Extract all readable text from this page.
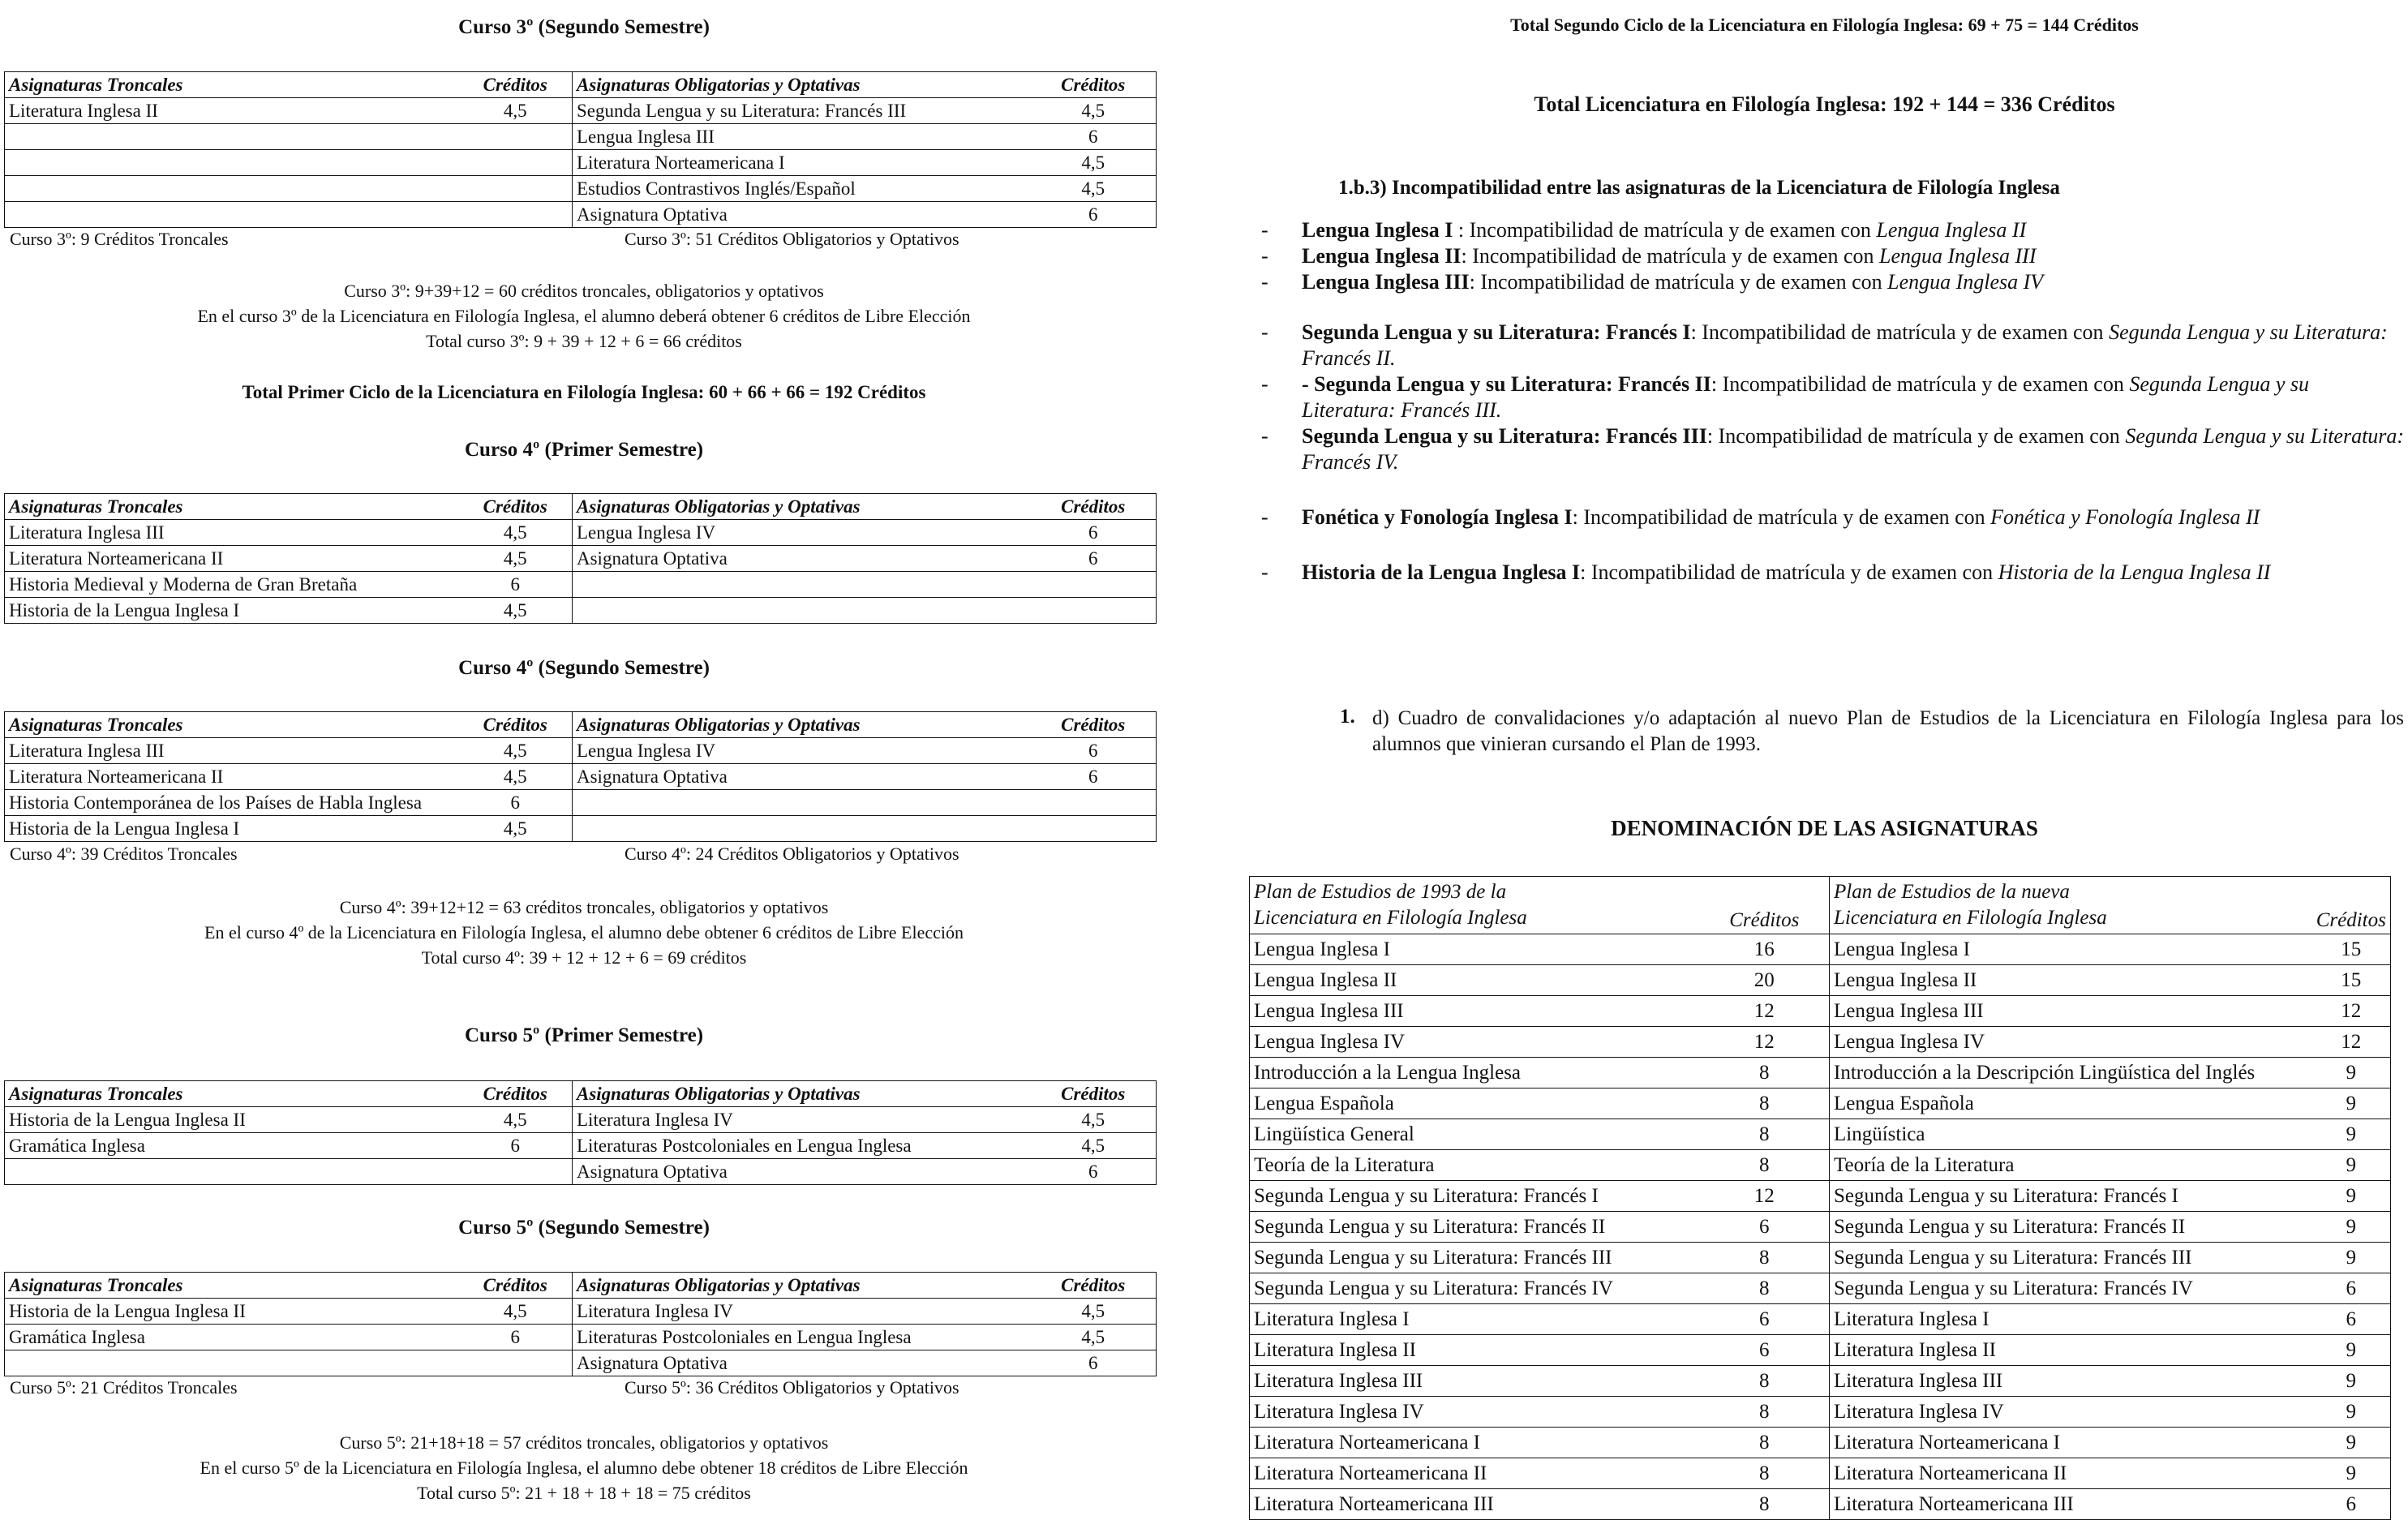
Curso 3º (Segundo Semestre)
Asignaturas Troncales	Créditos	Asignaturas Obligatorias y Optativas	Créditos
Literatura Inglesa II	4,5	Segunda Lengua y su Literatura: Francés III	4,5
		Lengua Inglesa III	6
		Literatura Norteamericana I	4,5
		Estudios Contrastivos Inglés/Español	4,5
		Asignatura Optativa	6
Curso 3º: 9 Créditos Troncales	Curso 3º: 51 Créditos Obligatorios y Optativos
Curso 3º: 9+39+12 = 60 créditos troncales, obligatorios y optativos
En el curso 3º de la Licenciatura en Filología Inglesa, el alumno deberá obtener 6 créditos de Libre Elección
Total curso 3º: 9 + 39 + 12 + 6 = 66 créditos
Total Primer Ciclo de la Licenciatura en Filología Inglesa: 60 + 66 + 66 = 192 Créditos
Curso 4º (Primer Semestre)
Asignaturas Troncales	Créditos	Asignaturas Obligatorias y Optativas	Créditos
Literatura Inglesa III	4,5	Lengua Inglesa IV	6
Literatura Norteamericana II	4,5	Asignatura Optativa	6
Historia Medieval y Moderna de Gran Bretaña	6		
Historia de la Lengua Inglesa I	4,5		
Curso 4º (Segundo Semestre)
Asignaturas Troncales	Créditos	Asignaturas Obligatorias y Optativas	Créditos
Literatura Inglesa III	4,5	Lengua Inglesa IV	6
Literatura Norteamericana II	4,5	Asignatura Optativa	6
Historia Contemporánea de los Países de Habla Inglesa	6		
Historia de la Lengua Inglesa I	4,5		
Curso 4º: 39 Créditos Troncales	Curso 4º: 24 Créditos Obligatorios y Optativos
Curso 4º: 39+12+12 = 63 créditos troncales, obligatorios y optativos
En el curso 4º de la Licenciatura en Filología Inglesa, el alumno debe obtener 6 créditos de Libre Elección
Total curso 4º: 39 + 12 + 12 + 6 = 69 créditos
Curso 5º (Primer Semestre)
Asignaturas Troncales	Créditos	Asignaturas Obligatorias y Optativas	Créditos
Historia de la Lengua Inglesa II	4,5	Literatura Inglesa IV	4,5
Gramática Inglesa	6	Literaturas Postcoloniales en Lengua Inglesa	4,5
		Asignatura Optativa	6
Curso 5º (Segundo Semestre)
Asignaturas Troncales	Créditos	Asignaturas Obligatorias y Optativas	Créditos
Historia de la Lengua Inglesa II	4,5	Literatura Inglesa IV	4,5
Gramática Inglesa	6	Literaturas Postcoloniales en Lengua Inglesa	4,5
		Asignatura Optativa	6
Curso 5º: 21 Créditos Troncales	Curso 5º: 36 Créditos Obligatorios y Optativos
Curso 5º: 21+18+18 = 57 créditos troncales, obligatorios y optativos
En el curso 5º de la Licenciatura en Filología Inglesa, el alumno debe obtener 18 créditos de Libre Elección
Total curso 5º: 21 + 18 + 18 + 18 = 75 créditos
Total Segundo Ciclo de la Licenciatura en Filología Inglesa: 69 + 75 = 144 Créditos
Total Licenciatura en Filología Inglesa: 192 + 144 = 336 Créditos
1.b.3) Incompatibilidad entre las asignaturas de la Licenciatura de Filología Inglesa
- Lengua Inglesa I : Incompatibilidad de matrícula y de examen con Lengua Inglesa II
- Lengua Inglesa II: Incompatibilidad de matrícula y de examen con Lengua Inglesa III
- Lengua Inglesa III: Incompatibilidad de matrícula y de examen con Lengua Inglesa IV
- Segunda Lengua y su Literatura: Francés I: Incompatibilidad de matrícula y de examen con Segunda Lengua y su Literatura: Francés II.
- - Segunda Lengua y su Literatura: Francés II: Incompatibilidad de matrícula y de examen con Segunda Lengua y su Literatura: Francés III.
- Segunda Lengua y su Literatura: Francés III: Incompatibilidad de matrícula y de examen con Segunda Lengua y su Literatura: Francés IV.
- Fonética y Fonología Inglesa I: Incompatibilidad de matrícula y de examen con Fonética y Fonología Inglesa II
- Historia de la Lengua Inglesa I: Incompatibilidad de matrícula y de examen con Historia de la Lengua Inglesa II
1. d) Cuadro de convalidaciones y/o adaptación al nuevo Plan de Estudios de la Licenciatura en Filología Inglesa para los alumnos que vinieran cursando el Plan de 1993.
DENOMINACIÓN DE LAS ASIGNATURAS
Plan de Estudios de 1993 de la
Licenciatura en Filología Inglesa	Créditos	Plan de Estudios de la nueva
Licenciatura en Filología Inglesa	Créditos
Lengua Inglesa I	16	Lengua Inglesa I	15
Lengua Inglesa II	20	Lengua Inglesa II	15
Lengua Inglesa III	12	Lengua Inglesa III	12
Lengua Inglesa IV	12	Lengua Inglesa IV	12
Introducción a la Lengua Inglesa	8	Introducción a la Descripción Lingüística del Inglés	9
Lengua Española	8	Lengua Española	9
Lingüística General	8	Lingüística	9
Teoría de la Literatura	8	Teoría de la Literatura	9
Segunda Lengua y su Literatura: Francés I	12	Segunda Lengua y su Literatura: Francés I	9
Segunda Lengua y su Literatura: Francés II	6	Segunda Lengua y su Literatura: Francés II	9
Segunda Lengua y su Literatura: Francés III	8	Segunda Lengua y su Literatura: Francés III	9
Segunda Lengua y su Literatura: Francés IV	8	Segunda Lengua y su Literatura: Francés IV	6
Literatura Inglesa I	6	Literatura Inglesa I	6
Literatura Inglesa II	6	Literatura Inglesa II	9
Literatura Inglesa III	8	Literatura Inglesa III	9
Literatura Inglesa IV	8	Literatura Inglesa IV	9
Literatura Norteamericana I	8	Literatura Norteamericana I	9
Literatura Norteamericana II	8	Literatura Norteamericana II	9
Literatura Norteamericana III	8	Literatura Norteamericana III	6
